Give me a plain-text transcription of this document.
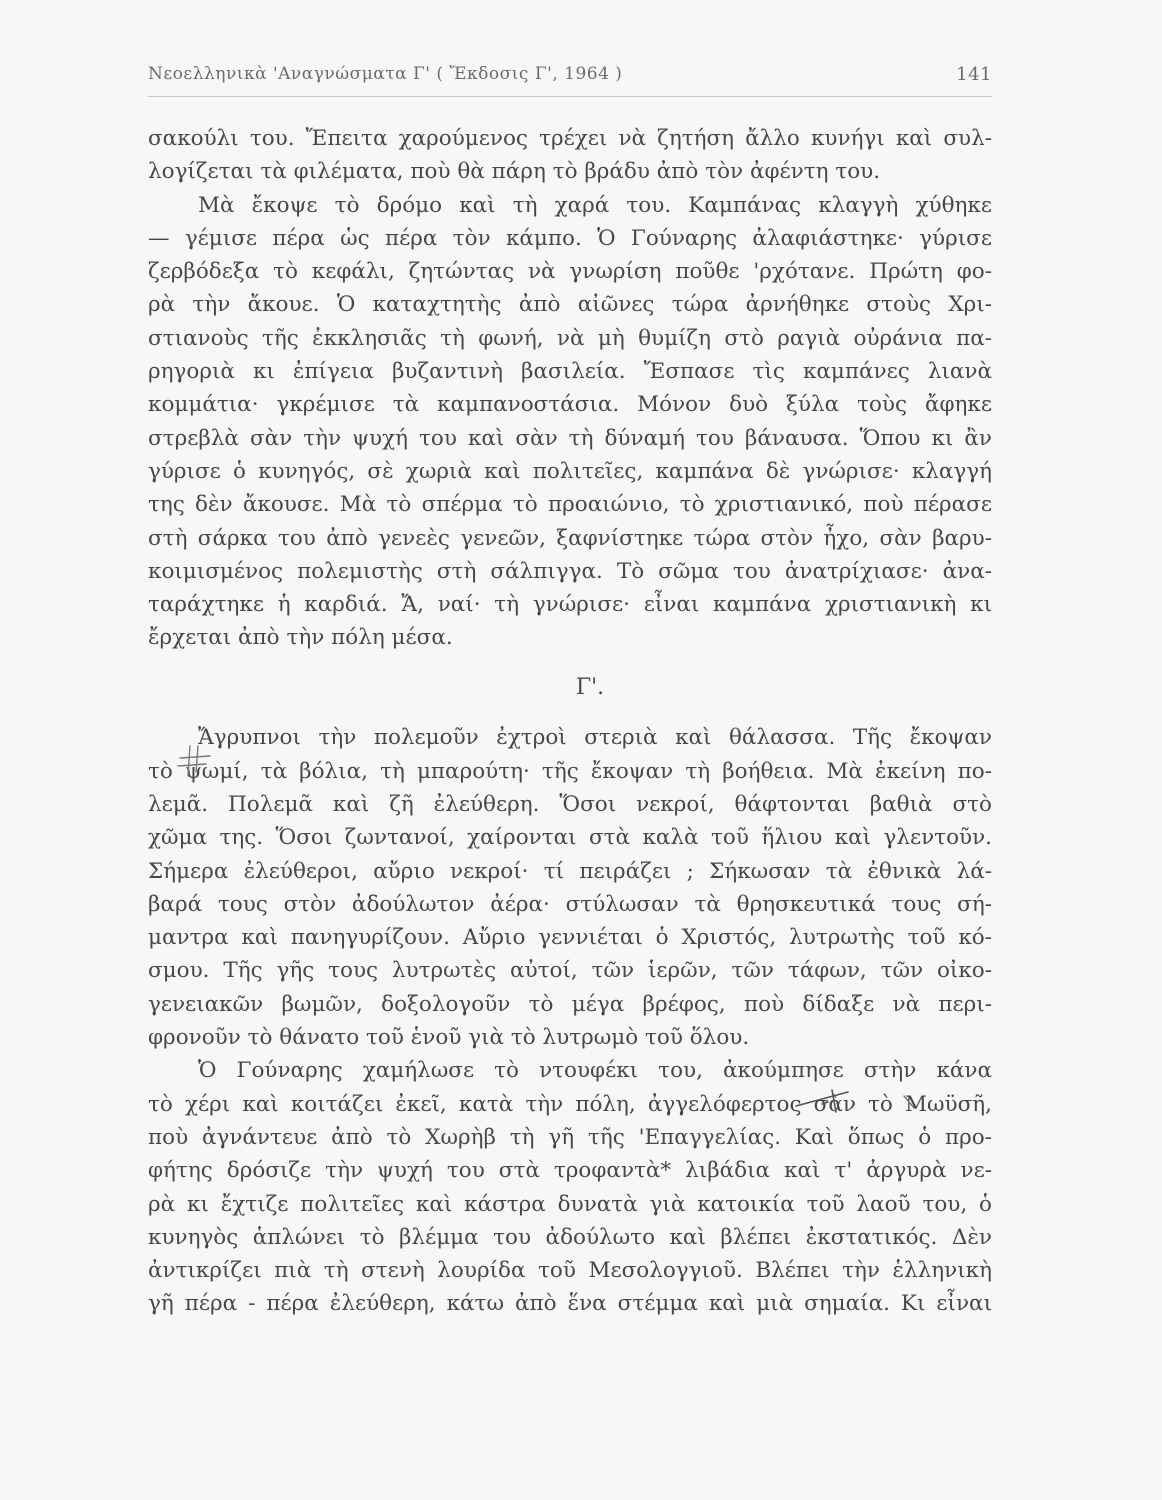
Νεοελληνικὰ 'Αναγνώσματα Γ' ( Ἔκδοσις Γ', 1964 )	141
σακούλι του. Ἔπειτα χαρούμενος τρέχει νὰ ζητήση ἄλλο κυνήγι καὶ συλ-
λογίζεται τὰ φιλέματα, ποὺ θὰ πάρη τὸ βράδυ ἀπὸ τὸν ἀφέντη του.
Μὰ ἔκοψε τὸ δρόμο καὶ τὴ χαρά του. Καμπάνας κλαγγὴ χύθηκε
— γέμισε πέρα ὡς πέρα τὸν κάμπο. Ὁ Γούναρης ἀλαφιάστηκε· γύρισε
ζερβόδεξα τὸ κεφάλι, ζητώντας νὰ γνωρίση ποῦθε 'ρχότανε. Πρώτη φο-
ρὰ τὴν ἄκουε. Ὁ καταχτητὴς ἀπὸ αἰῶνες τώρα ἀρνήθηκε στοὺς Χρι-
στιανοὺς τῆς ἐκκλησιᾶς τὴ φωνή, νὰ μὴ θυμίζη στὸ ραγιὰ οὐράνια πα-
ρηγοριὰ κι ἐπίγεια βυζαντινὴ βασιλεία. Ἔσπασε τὶς καμπάνες λιανὰ
κομμάτια· γκρέμισε τὰ καμπανοστάσια. Μόνον δυὸ ξύλα τοὺς ἄφηκε
στρεβλὰ σὰν τὴν ψυχή του καὶ σὰν τὴ δύναμή του βάναυσα. Ὅπου κι ἂν
γύρισε ὁ κυνηγός, σὲ χωριὰ καὶ πολιτεῖες, καμπάνα δὲ γνώρισε· κλαγγή
της δὲν ἄκουσε. Μὰ τὸ σπέρμα τὸ προαιώνιο, τὸ χριστιανικό, ποὺ πέρασε
στὴ σάρκα του ἀπὸ γενεὲς γενεῶν, ξαφνίστηκε τώρα στὸν ἦχο, σὰν βαρυ-
κοιμισμένος πολεμιστὴς στὴ σάλπιγγα. Τὸ σῶμα του ἀνατρίχιασε· ἀνα-
ταράχτηκε ἡ καρδιά. Ἄ, ναί· τὴ γνώρισε· εἶναι καμπάνα χριστιανικὴ κι
ἔρχεται ἀπὸ τὴν πόλη μέσα.
Γ'.
Ἄγρυπνοι τὴν πολεμοῦν ἐχτροὶ στεριὰ καὶ θάλασσα. Τῆς ἔκοψαν
τὸ ψωμί, τὰ βόλια, τὴ μπαρούτη· τῆς ἔκοψαν τὴ βοήθεια. Μὰ ἐκείνη πο-
λεμᾶ. Πολεμᾶ καὶ ζῆ ἐλεύθερη. Ὅσοι νεκροί, θάφτονται βαθιὰ στὸ
χῶμα της. Ὅσοι ζωντανοί, χαίρονται στὰ καλὰ τοῦ ἥλιου καὶ γλεντοῦν.
Σήμερα ἐλεύθεροι, αὔριο νεκροί· τί πειράζει ; Σήκωσαν τὰ ἐθνικὰ λά-
βαρά τους στὸν ἀδούλωτον ἀέρα· στύλωσαν τὰ θρησκευτικά τους σή-
μαντρα καὶ πανηγυρίζουν. Αὔριο γεννιέται ὁ Χριστός, λυτρωτὴς τοῦ κό-
σμου. Τῆς γῆς τους λυτρωτὲς αὐτοί, τῶν ἱερῶν, τῶν τάφων, τῶν οἰκο-
γενειακῶν βωμῶν, δοξολογοῦν τὸ μέγα βρέφος, ποὺ δίδαξε νὰ περι-
φρονοῦν τὸ θάνατο τοῦ ἑνοῦ γιὰ τὸ λυτρωμὸ τοῦ ὅλου.
Ὁ Γούναρης χαμήλωσε τὸ ντουφέκι του, ἀκούμπησε στὴν κάνα
τὸ χέρι καὶ κοιτάζει ἐκεῖ, κατὰ τὴν πόλη, ἀγγελόφερτος σὰν τὸ Μωϋσῆ,
ποὺ ἀγνάντευε ἀπὸ τὸ Χωρὴβ τὴ γῆ τῆς 'Επαγγελίας. Καὶ ὅπως ὁ προ-
φήτης δρόσιζε τὴν ψυχή του στὰ τροφαντὰ* λιβάδια καὶ τ' ἀργυρὰ νε-
ρὰ κι ἔχτιζε πολιτεῖες καὶ κάστρα δυνατὰ γιὰ κατοικία τοῦ λαοῦ του, ὁ
κυνηγὸς ἁπλώνει τὸ βλέμμα του ἀδούλωτο καὶ βλέπει ἐκστατικός. Δὲν
ἀντικρίζει πιὰ τὴ στενὴ λουρίδα τοῦ Μεσολογγιοῦ. Βλέπει τὴν ἑλληνικὴ
γῆ πέρα - πέρα ἐλεύθερη, κάτω ἀπὸ ἕνα στέμμα καὶ μιὰ σημαία. Κι εἶναι
